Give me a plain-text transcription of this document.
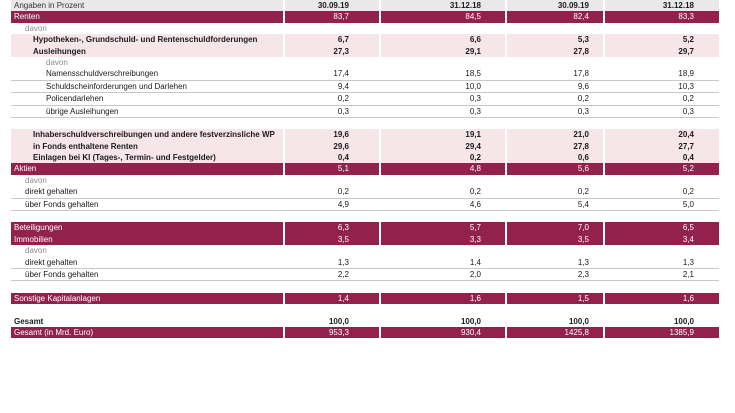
Angaben in Prozent	30.09.19	31.12.18	30.09.19	31.12.18
Renten	83,7	84,5	82,4	83,3
davon
Hypotheken-, Grundschuld- und Rentenschuldforderungen	6,7	6,6	5,3	5,2
Ausleihungen	27,3	29,1	27,8	29,7
davon
Namensschuldverschreibungen	17,4	18,5	17,8	18,9
Schuldscheinforderungen und Darlehen	9,4	10,0	9,6	10,3
Policendarlehen	0,2	0,3	0,2	0,2
übrige Ausleihungen	0,3	0,3	0,3	0,3
Inhaberschuldverschreibungen und andere festverzinsliche WP	19,6	19,1	21,0	20,4
in Fonds enthaltene Renten	29,6	29,4	27,8	27,7
Einlagen bei KI (Tages-, Termin- und Festgelder)	0,4	0,2	0,6	0,4
Aktien	5,1	4,8	5,6	5,2
davon
direkt gehalten	0,2	0,2	0,2	0,2
über Fonds gehalten	4,9	4,6	5,4	5,0
Beteiligungen	6,3	5,7	7,0	6,5
Immobilien	3,5	3,3	3,5	3,4
davon
direkt gehalten	1,3	1,4	1,3	1,3
über Fonds gehalten	2,2	2,0	2,3	2,1
Sonstige Kapitalanlagen	1,4	1,6	1,5	1,6
Gesamt	100,0	100,0	100,0	100,0
Gesamt (in Mrd. Euro)	953,3	930,4	1425,8	1385,9
